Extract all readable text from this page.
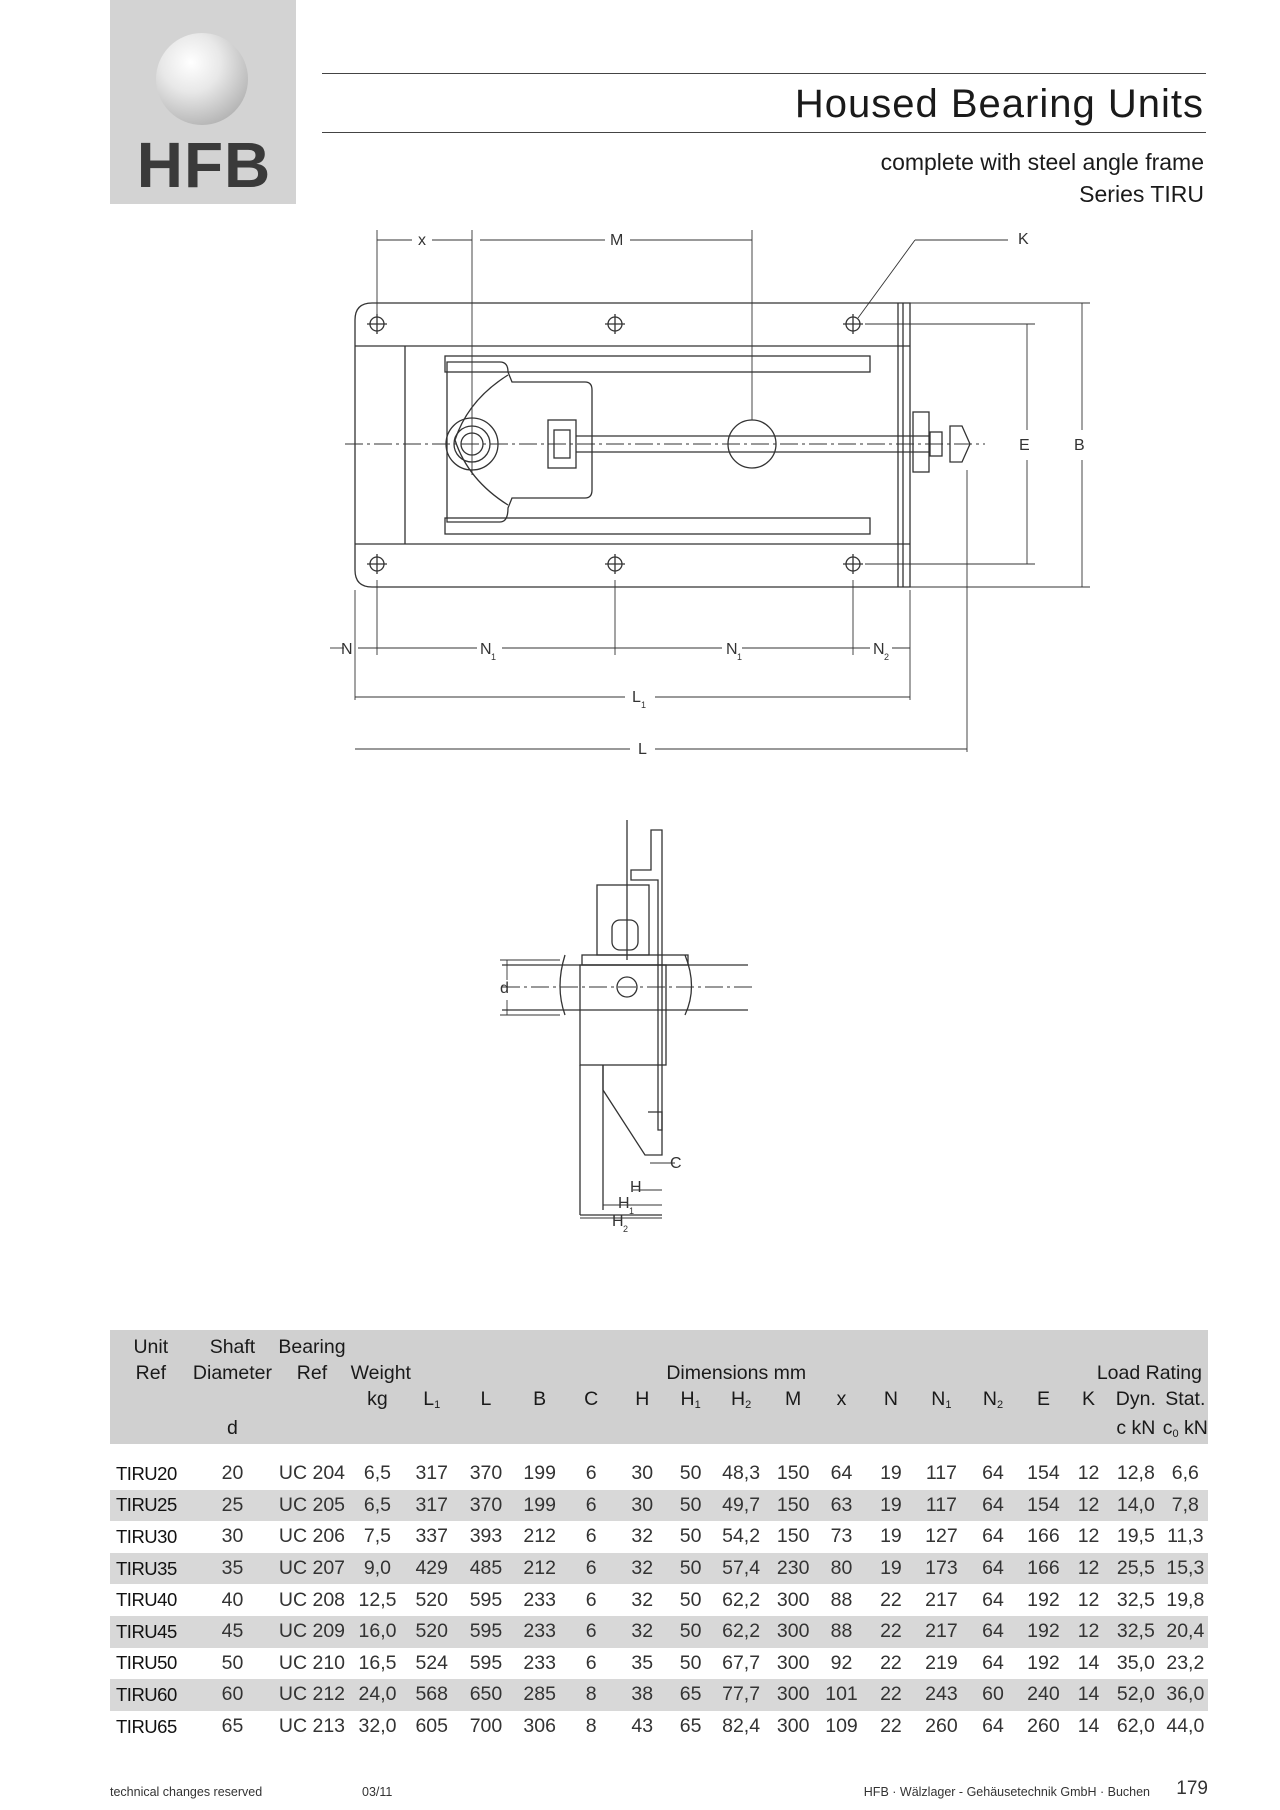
HFB
Housed Bearing Units
complete with steel angle frame
Series TIRU
x	M	K
E	B
N	N 1	N 1	N 2
L 1
L
d
C
H
H 1
H 2
Unit	Shaft	Bearing																	
Ref	Diameter	Ref	Weight	Dimensions mm													Load Rating		
			kg	L1	L	B	C	H	H1	H2	M	x	N	N1	N2	E	K	Dyn.	Stat.
	d																	c kN	c0 kN

TIRU20	20	UC 204	6,5	317	370	199	6	30	50	48,3	150	64	19	117	64	154	12	12,8	6,6
TIRU25	25	UC 205	6,5	317	370	199	6	30	50	49,7	150	63	19	117	64	154	12	14,0	7,8
TIRU30	30	UC 206	7,5	337	393	212	6	32	50	54,2	150	73	19	127	64	166	12	19,5	11,3
TIRU35	35	UC 207	9,0	429	485	212	6	32	50	57,4	230	80	19	173	64	166	12	25,5	15,3
TIRU40	40	UC 208	12,5	520	595	233	6	32	50	62,2	300	88	22	217	64	192	12	32,5	19,8
TIRU45	45	UC 209	16,0	520	595	233	6	32	50	62,2	300	88	22	217	64	192	12	32,5	20,4
TIRU50	50	UC 210	16,5	524	595	233	6	35	50	67,7	300	92	22	219	64	192	14	35,0	23,2
TIRU60	60	UC 212	24,0	568	650	285	8	38	65	77,7	300	101	22	243	60	240	14	52,0	36,0
TIRU65	65	UC 213	32,0	605	700	306	8	43	65	82,4	300	109	22	260	64	260	14	62,0	44,0
technical changes reserved	03/11	HFB · Wälzlager - Gehäusetechnik GmbH · Buchen 179
